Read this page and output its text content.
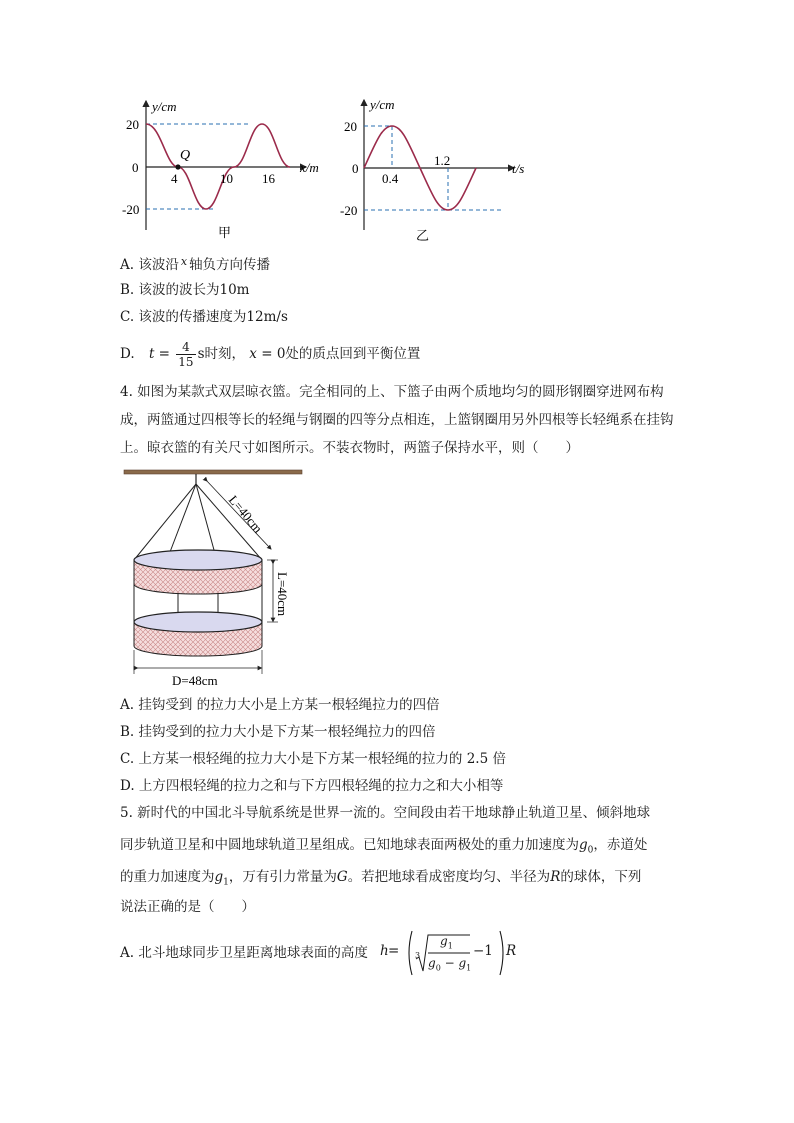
y/cm
x/m
20
0
-20
Q
4	10 16
甲
y/cm
t/s
20
0
-20
0.4
1.2
乙
A. 该波沿 $^x$ 轴负方向传播
B. 该波的波长为10m
C. 该波的传播速度为12m/s
D. $t = \frac{4}{15}$ s时刻， x = 0处的质点回到平衡位置
4. 如图为某款式双层晾衣篮。完全相同的上、下篮子由两个质地均匀的圆形钢圈穿进网布构成，两篮通过四根等长的轻绳与钢圈的四等分点相连，上篮钢圈用另外四根等长轻绳系在挂钩上。晾衣篮的有关尺寸如图所示。不装衣物时，两篮子保持水平，则（　　）
L=40cm
L=40cm
D=48cm
A. 挂钩受到 的拉力大小是上方某一根轻绳拉力的四倍
B. 挂钩受到的拉力大小是下方某一根轻绳拉力的四倍
C. 上方某一根轻绳的拉力大小是下方某一根轻绳的拉力的 2.5 倍
D. 上方四根轻绳的拉力之和与下方四根轻绳的拉力之和大小相等
5. 新时代的中国北斗导航系统是世界一流的。空间段由若干地球静止轨道卫星、倾斜地球
同步轨道卫星和中圆地球轨道卫星组成。已知地球表面两极处的重力加速度为$g_0$，赤道处
的重力加速度为$g_1$，万有引力常量为G。若把地球看成密度均匀、半径为R的球体，下列
说法正确的是（　　）
A. 北斗地球同步卫星距离地球表面的高度 h = 3
$g_1$
$g_0 - g_1$
−1 R
